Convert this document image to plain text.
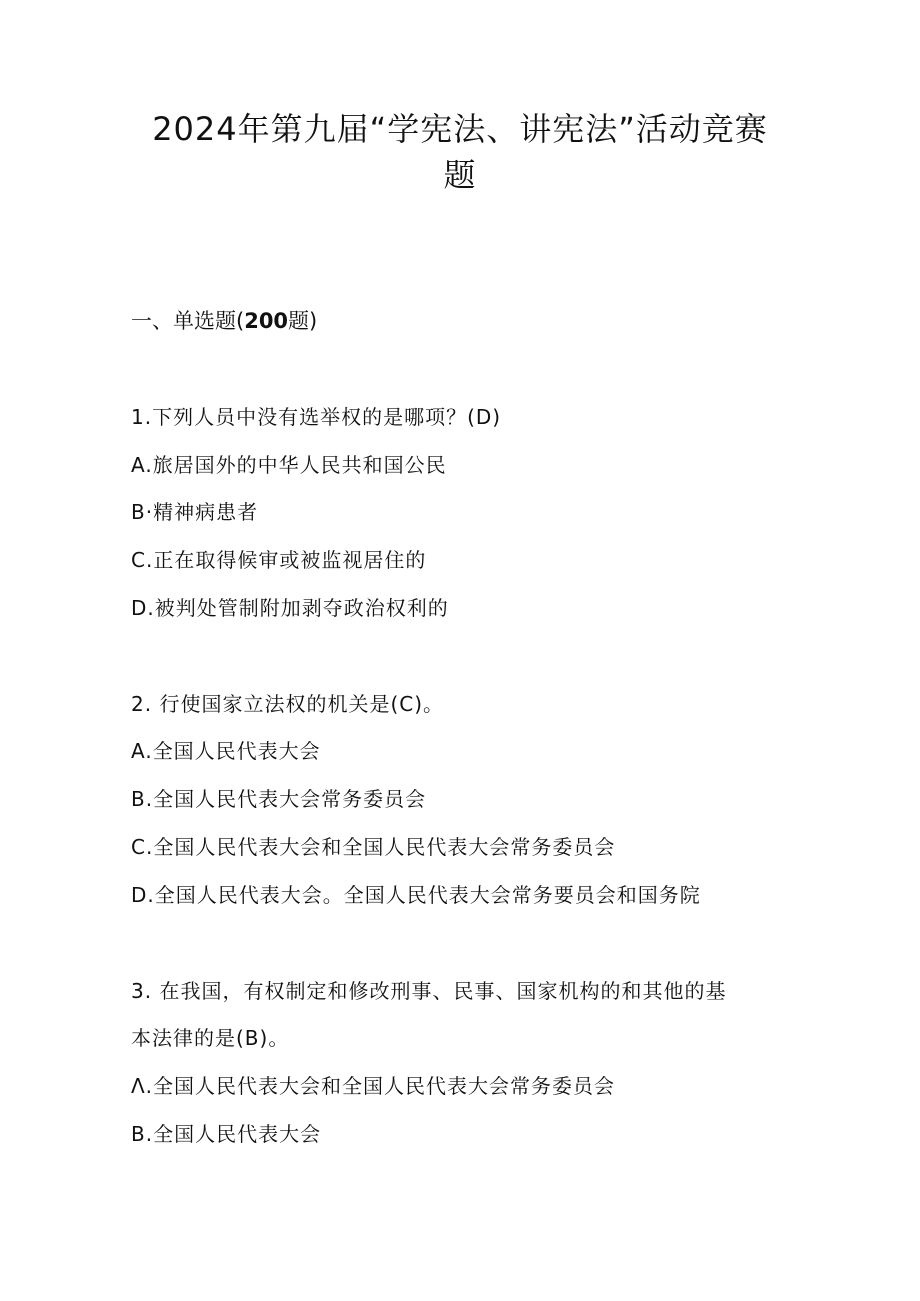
2024年第九届“学宪法、讲宪法”活动竞赛
题
一、单选题(200题)
1.下列人员中没有选举权的是哪项？(D)
A.旅居国外的中华人民共和国公民
B·精神病患者
C.正在取得候审或被监视居住的
D.被判处管制附加剥夺政治权利的
2. 行使国家立法权的机关是(C)。
A.全国人民代表大会
B.全国人民代表大会常务委员会
C.全国人民代表大会和全国人民代表大会常务委员会
D.全国人民代表大会。全国人民代表大会常务要员会和国务院
3. 在我国，有权制定和修改刑事、民事、国家机构的和其他的基
本法律的是(B)。
Λ.全国人民代表大会和全国人民代表大会常务委员会
B.全国人民代表大会
